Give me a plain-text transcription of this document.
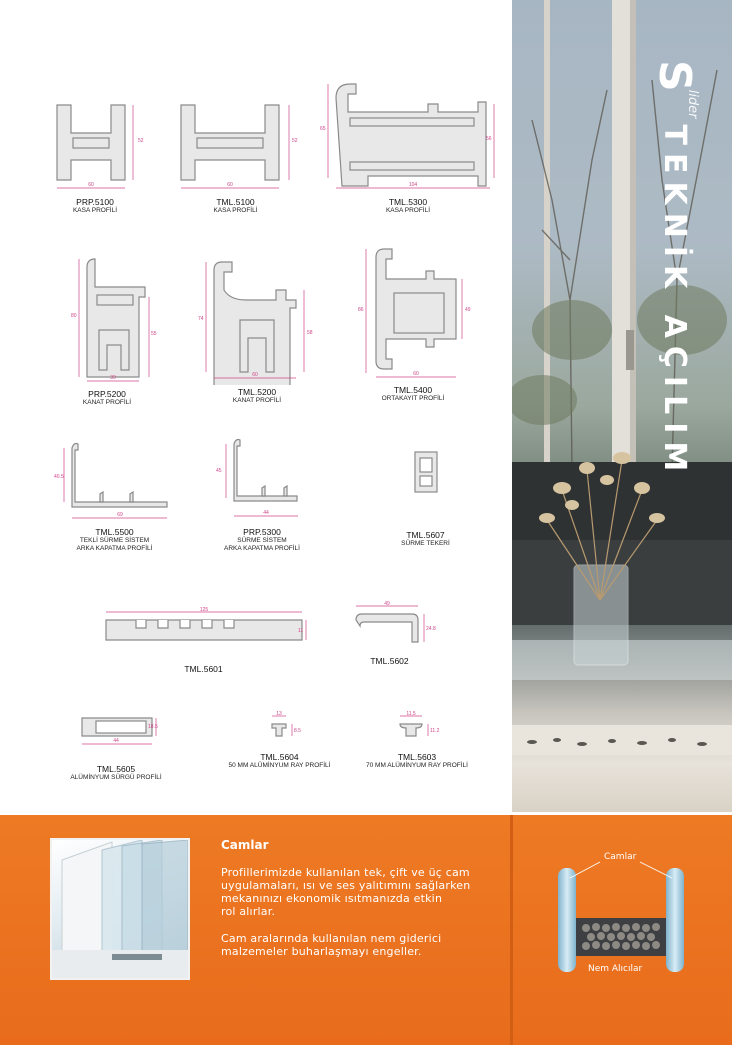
SliderTEKNİK AÇILIM
60
52
PRP.5100
KASA PROFİLİ
60
52
TML.5100
KASA PROFİLİ
104
65
56
TML.5300
KASA PROFİLİ
39
80
55
PRP.5200
KANAT PROFİLİ
60
74
58
TML.5200
KANAT PROFİLİ
60
86	49
TML.5400
ORTAKAYIT PROFİLİ
69
40.5
TML.5500
TEKLİ SÜRME SİSTEM
ARKA KAPATMA PROFİLİ
44
45
PRP.5300
SÜRME SİSTEM
ARKA KAPATMA PROFİLİ
TML.5607
SÜRME TEKERİ
125
11
TML.5601
49
24.8
TML.5602
44
18.5
TML.5605
ALÜMİNYUM SÜRGÜ PROFİLİ
13
8.5
TML.5604
50 MM ALÜMİNYUM RAY PROFİLİ
11.5
11.2
TML.5603
70 MM ALÜMİNYUM RAY PROFİLİ
Camlar
Profillerimizde kullanılan tek, çift ve üç cam
uygulamaları, ısı ve ses yalıtımını sağlarken
mekanınızı ekonomik ısıtmanızda etkin
rol alırlar.
Cam aralarında kullanılan nem giderici
malzemeler buharlaşmayı engeller.
Camlar
Nem Alıcılar
